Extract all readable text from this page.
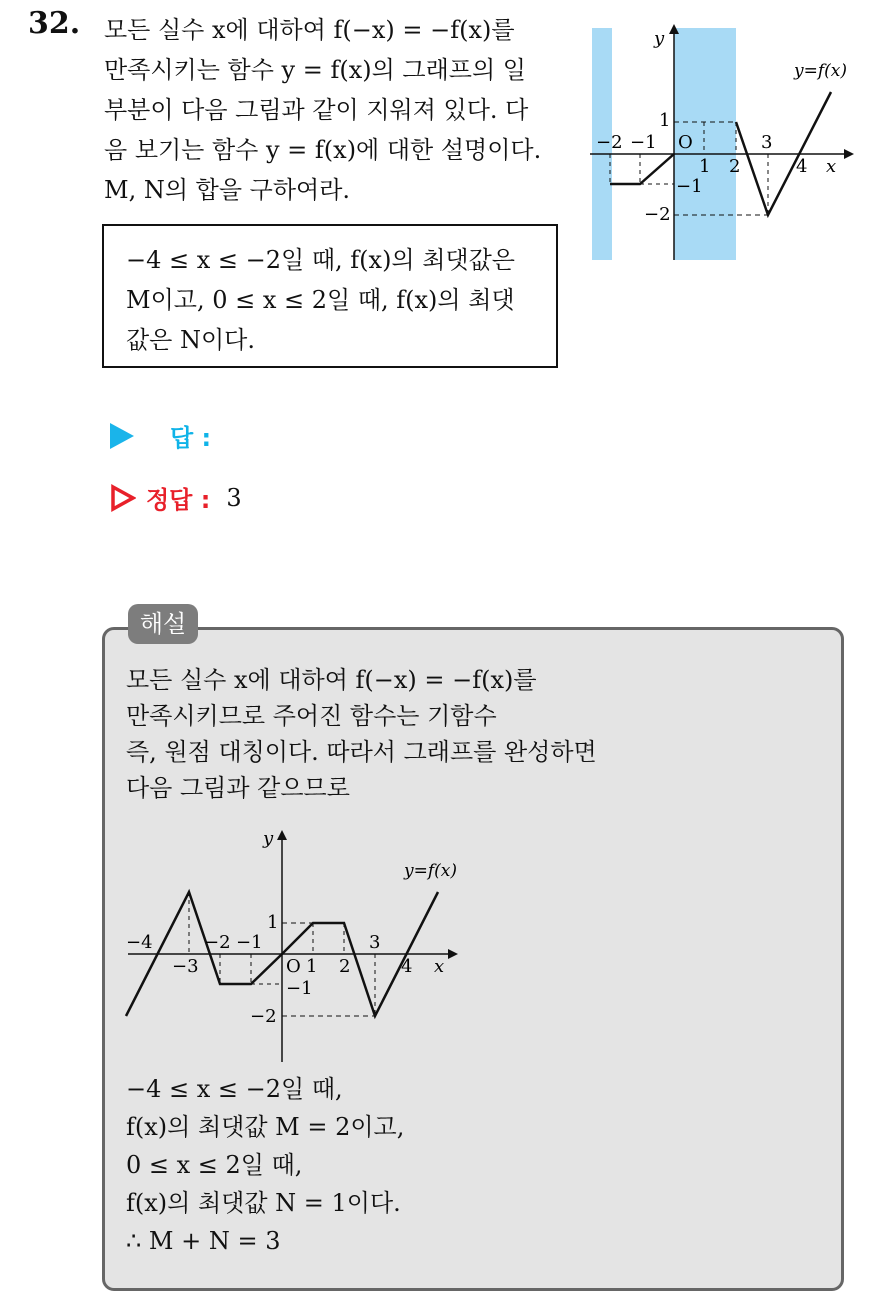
32. 모든 실수 x에 대하여 f(−x) = −f(x)를
만족시키는 함수 y = f(x)의 그래프의 일
부분이 다음 그림과 같이 지워져 있다. 다
음 보기는 함수 y = f(x)에 대한 설명이다.
M, N의 합을 구하여라.
−4 ≤ x ≤ −2일 때, f(x)의 최댓값은
M이고, 0 ≤ x ≤ 2일 때, f(x)의 최댓
값은 N이다.
y
x
O
y=f(x)
−2 −1
1 2
3
4
1
−1
−2
답 :
정답 : 3
해설
모든 실수 x에 대하여 f(−x) = −f(x)를
만족시키므로 주어진 함수는 기함수
즉, 원점 대칭이다. 따라서 그래프를 완성하면
다음 그림과 같으므로
y
x
O
y=f(x)
−4
−3
−2 −1
1 2
3
4
1
−1
−2
−4 ≤ x ≤ −2일 때,
f(x)의 최댓값 M = 2이고,
0 ≤ x ≤ 2일 때,
f(x)의 최댓값 N = 1이다.
∴ M + N = 3
